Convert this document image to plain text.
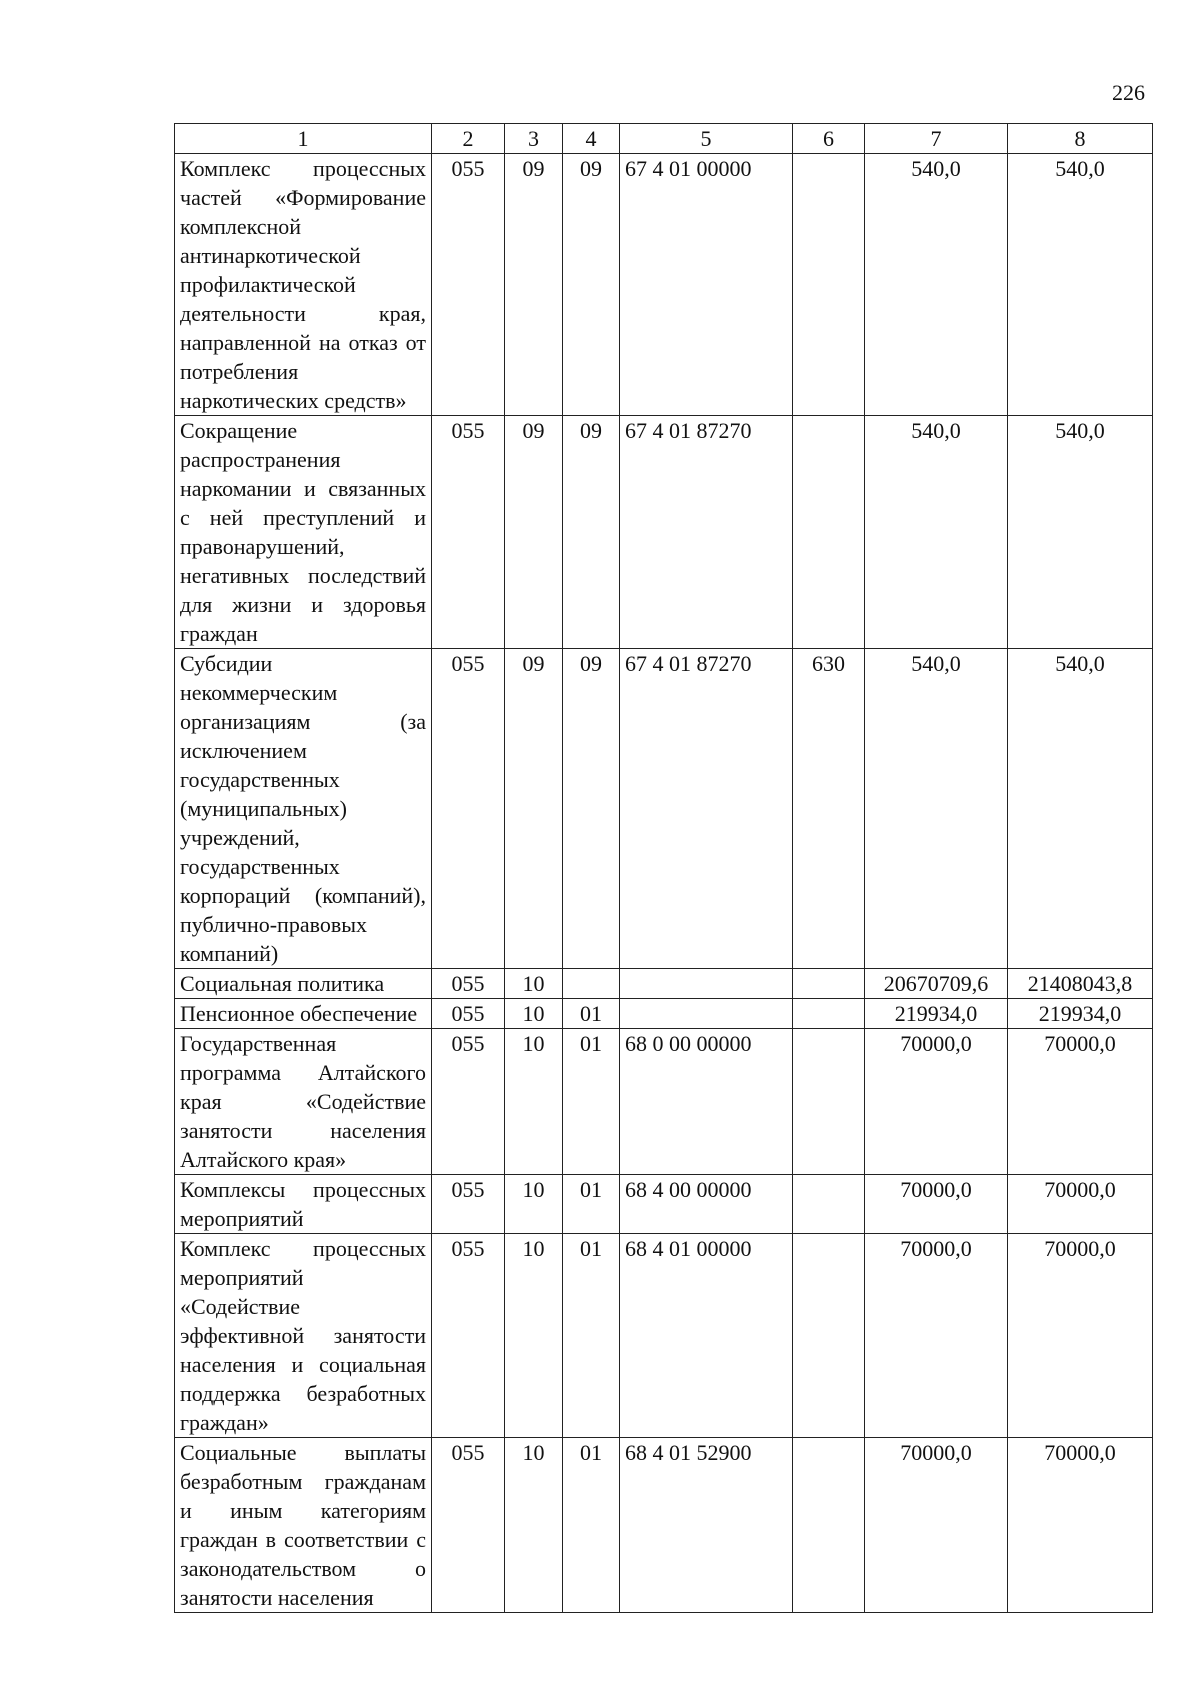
226
1	2	3	4	5	6	7	8
Комплекс процессных частей «Формирование комплексной антинаркотической профилактической деятельности края, направленной на отказ от потребления наркотических средств»	055	09	09	67 4 01 00000		540,0	540,0
Сокращение распространения наркомании и связанных с ней преступлений и правонарушений, негативных последствий для жизни и здоровья граждан	055	09	09	67 4 01 87270		540,0	540,0
Субсидии некоммерческим организациям (за исключением государственных (муниципальных) учреждений, государственных корпораций (компаний), публично-правовых компаний)	055	09	09	67 4 01 87270	630	540,0	540,0
Социальная политика	055	10				20670709,6	21408043,8
Пенсионное обеспечение	055	10	01			219934,0	219934,0
Государственная программа Алтайского края «Содействие занятости населения Алтайского края»	055	10	01	68 0 00 00000		70000,0	70000,0
Комплексы процессных мероприятий	055	10	01	68 4 00 00000		70000,0	70000,0
Комплекс процессных мероприятий «Содействие эффективной занятости населения и социальная поддержка безработных граждан»	055	10	01	68 4 01 00000		70000,0	70000,0
Социальные выплаты безработным гражданам и иным категориям граждан в соответствии с законодательством о занятости населения	055	10	01	68 4 01 52900		70000,0	70000,0
